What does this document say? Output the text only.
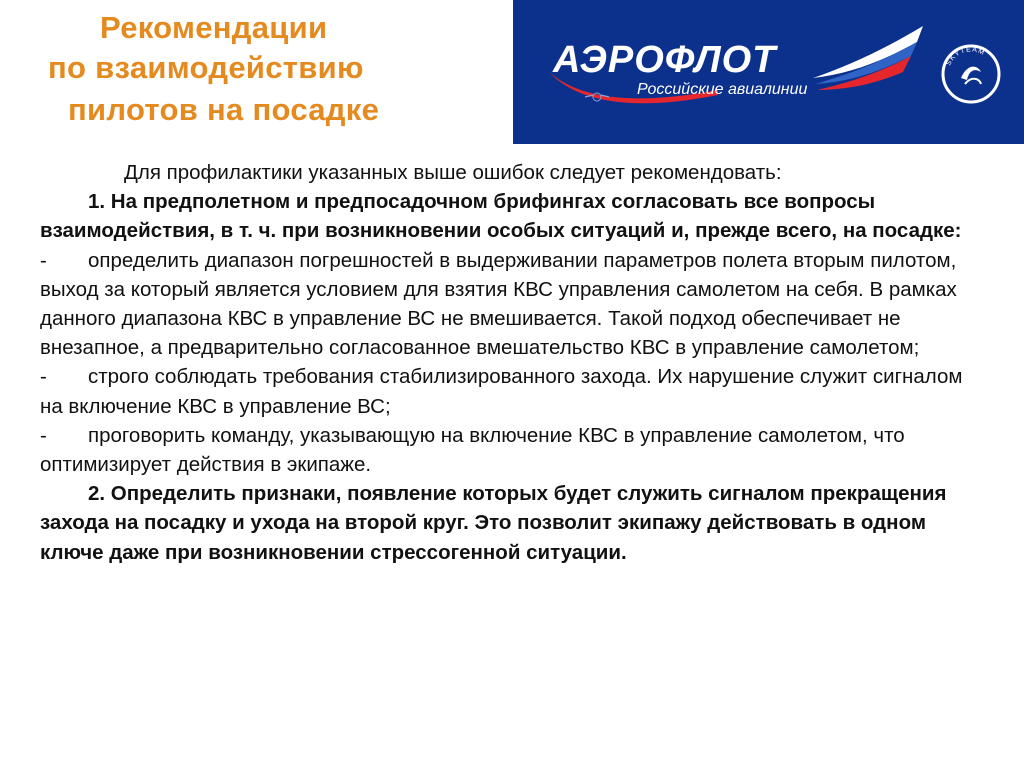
Рекомендации
по взаимодействию
пилотов на посадке
АЭРОФЛОТ
Российские авиалинии
SKYTEAM

Для профилактики указанных выше ошибок следует рекомендовать:

1. На предполетном и предпосадочном брифингах согласовать все вопросы взаимодействия, в т. ч. при возникновении особых ситуаций и, прежде всего, на посадке:

-	определить диапазон погрешностей в выдерживании параметров полета вторым пилотом, выход за который является условием для взятия КВС управления самолетом на себя. В рамках данного диапазона КВС в управление ВС не вмешивается. Такой подход обеспечивает не внезапное, а предварительно согласованное вмешательство КВС в управление самолетом;

-	строго соблюдать требования стабилизированного захода. Их нарушение служит сигналом на включение КВС в управление ВС;

-	проговорить команду, указывающую на включение КВС в управление самолетом, что оптимизирует действия в экипаже.

2. Определить признаки, появление которых будет служить сигналом прекращения захода на посадку и ухода на второй круг. Это позволит экипажу действовать в одном ключе даже при возникновении стрессогенной ситуации.
